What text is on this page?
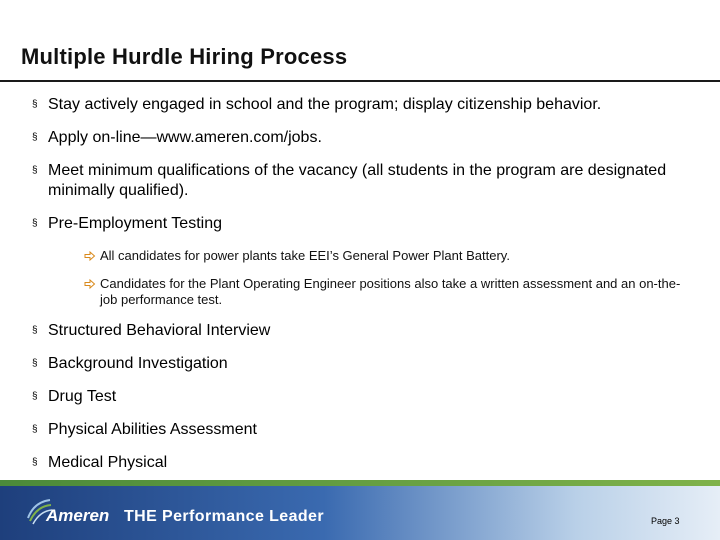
Multiple Hurdle Hiring Process
§ Stay actively engaged in school and the program; display citizenship behavior.
§ Apply on-line—www.ameren.com/jobs.
§ Meet minimum qualifications of the vacancy (all students in the program are designated minimally qualified).
§ Pre-Employment Testing
All candidates for power plants take EEI’s General Power Plant Battery.
Candidates for the Plant Operating Engineer positions also take a written assessment and an on-the-job performance test.
§ Structured Behavioral Interview
§ Background Investigation
§ Drug Test
§ Physical Abilities Assessment
§ Medical Physical
Ameren THE Performance Leader	Page 3
